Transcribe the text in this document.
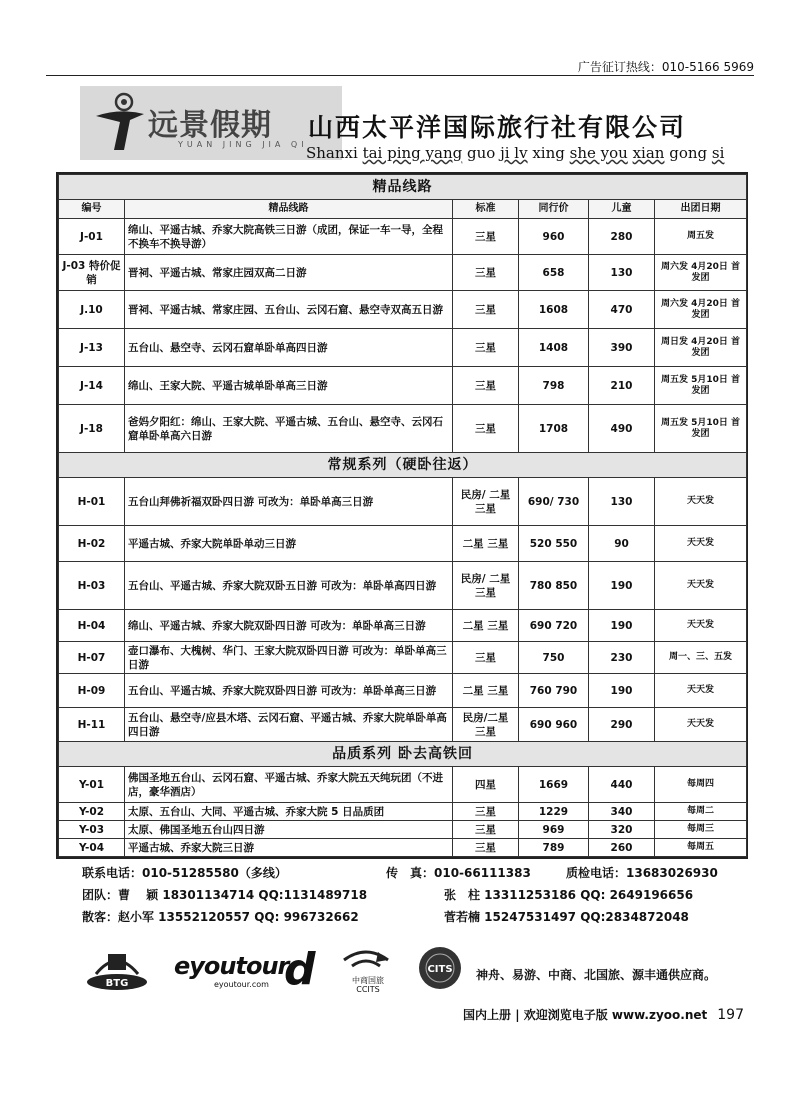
广告征订热线：010-5166 5969
远景假期
YUAN JING JIA QI
山西太平洋国际旅行社有限公司
Shanxi tai ping yang guo ji lv xing she you xian gong si
精品线路					
编号	精品线路	标准	同行价	儿童	出团日期
J-01	绵山、平遥古城、乔家大院高铁三日游（成团，保证一车一导，全程不换车不换导游）	三星	960	280	周五发
J-03 特价促 销	晋祠、平遥古城、常家庄园双高二日游	三星	658	130	周六发 4月20日 首发团
J.10	晋祠、平遥古城、常家庄园、五台山、云冈石窟、悬空寺双高五日游	三星	1608	470	周六发 4月20日 首发团
J-13	五台山、悬空寺、云冈石窟单卧单高四日游	三星	1408	390	周日发 4月20日 首发团
J-14	绵山、王家大院、平遥古城单卧单高三日游	三星	798	210	周五发 5月10日 首发团
J-18	爸妈夕阳红：绵山、王家大院、平遥古城、五台山、悬空寺、云冈石窟单卧单高六日游	三星	1708	490	周五发 5月10日 首发团
常规系列（硬卧往返）					
H-01	五台山拜佛祈福双卧四日游 可改为：单卧单高三日游	民房/ 二星 三星	690/ 730	130	天天发
H-02	平遥古城、乔家大院单卧单动三日游	二星 三星	520 550	90	天天发
H-03	五台山、平遥古城、乔家大院双卧五日游 可改为：单卧单高四日游	民房/ 二星 三星	780 850	190	天天发
H-04	绵山、平遥古城、乔家大院双卧四日游 可改为：单卧单高三日游	二星 三星	690 720	190	天天发
H-07	壶口瀑布、大槐树、华门、王家大院双卧四日游 可改为：单卧单高三日游	三星	750	230	周一、三、五发
H-09	五台山、平遥古城、乔家大院双卧四日游 可改为：单卧单高三日游	二星 三星	760 790	190	天天发
H-11	五台山、悬空寺/应县木塔、云冈石窟、平遥古城、乔家大院单卧单高四日游	民房/二星 三星	690 960	290	天天发
品质系列 卧去高铁回					
Y-01	佛国圣地五台山、云冈石窟、平遥古城、乔家大院五天纯玩团（不进店，豪华酒店）	四星	1669	440	每周四
Y-02	太原、五台山、大同、平遥古城、乔家大院 5 日品质团	三星	1229	340	每周二
Y-03	太原、佛国圣地五台山四日游	三星	969	320	每周三
Y-04	平遥古城、乔家大院三日游	三星	789	260	每周五
联系电话：010-51285580（多线）	传　真：010-66111383	质检电话：13683026930
团队：曹　 颖 18301134714 QQ:1131489718	张　柱 13311253186 QQ: 2649196656
散客：赵小军 13552120557 QQ: 996732662	菅若楠 15247531497 QQ:2834872048
BTG
eyoutour
eyoutour.com d	中商国旅
CCITS
CITS 神舟、易游、中商、北国旅、源丰通供应商。
国内上册 | 欢迎浏览电子版 www.zyoo.net 197
